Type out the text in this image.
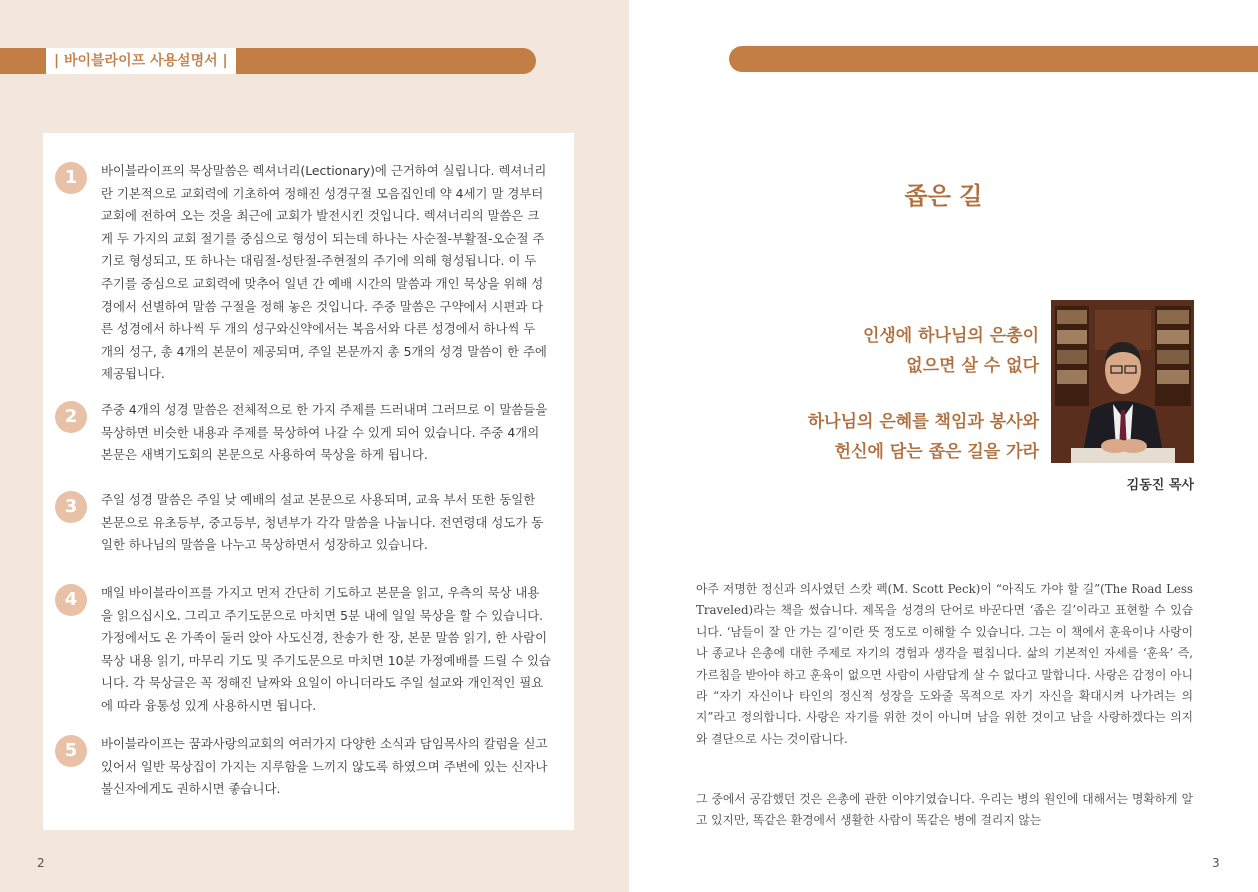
| 바이블라이프 사용설명서 |
1	바이블라이프의 묵상말씀은 렉셔너리(Lectionary)에 근거하여 실립니다. 렉셔너리란 기본적으로 교회력에 기초하여 정해진 성경구절 모음집인데 약 4세기 말 경부터 교회에 전하여 오는 것을 최근에 교회가 발전시킨 것입니다. 렉셔너리의 말씀은 크게 두 가지의 교회 절기를 중심으로 형성이 되는데 하나는 사순절-부활절-오순절 주기로 형성되고, 또 하나는 대림절-성탄절-주현절의 주기에 의해 형성됩니다. 이 두 주기를 중심으로 교회력에 맞추어 일년 간 예배 시간의 말씀과 개인 묵상을 위해 성경에서 선별하여 말씀 구절을 정해 놓은 것입니다. 주중 말씀은 구약에서 시편과 다른 성경에서 하나씩 두 개의 성구와신약에서는 복음서와 다른 성경에서 하나씩 두 개의 성구, 총 4개의 본문이 제공되며, 주일 본문까지 총 5개의 성경 말씀이 한 주에 제공됩니다.
2	주중 4개의 성경 말씀은 전체적으로 한 가지 주제를 드러내며 그러므로 이 말씀들을 묵상하면 비슷한 내용과 주제를 묵상하여 나갈 수 있게 되어 있습니다. 주중 4개의 본문은 새벽기도회의 본문으로 사용하여 묵상을 하게 됩니다.
3	주일 성경 말씀은 주일 낮 예배의 설교 본문으로 사용되며, 교육 부서 또한 동일한 본문으로 유초등부, 중고등부, 청년부가 각각 말씀을 나눕니다. 전연령대 성도가 동일한 하나님의 말씀을 나누고 묵상하면서 성장하고 있습니다.
4	매일 바이블라이프를 가지고 먼저 간단히 기도하고 본문을 읽고, 우측의 묵상 내용을 읽으십시오. 그리고 주기도문으로 마치면 5분 내에 일일 묵상을 할 수 있습니다. 가정에서도 온 가족이 둘러 앉아 사도신경, 찬송가 한 장, 본문 말씀 읽기, 한 사람이 묵상 내용 읽기, 마무리 기도 및 주기도문으로 마치면 10분 가정예배를 드릴 수 있습니다. 각 묵상글은 꼭 정해진 날짜와 요일이 아니더라도 주일 설교와 개인적인 필요에 따라 융통성 있게 사용하시면 됩니다.
5	바이블라이프는 꿈과사랑의교회의 여러가지 다양한 소식과 담임목사의 칼럼을 싣고 있어서 일반 묵상집이 가지는 지루함을 느끼지 않도록 하였으며 주변에 있는 신자나 불신자에게도 권하시면 좋습니다.
2
좁은 길
인생에 하나님의 은총이
없으면 살 수 없다
하나님의 은혜를 책임과 봉사와
헌신에 담는 좁은 길을 가라
김동진 목사
아주 저명한 정신과 의사였던 스캇 펙(M. Scott Peck)이 “아직도 가야 할 길”(The Road Less Traveled)라는 책을 썼습니다. 제목을 성경의 단어로 바꾼다면 ‘좁은 길’이라고 표현할 수 있습니다. ‘남들이 잘 안 가는 길’이란 뜻 정도로 이해할 수 있습니다. 그는 이 책에서 훈육이나 사랑이나 종교나 은총에 대한 주제로 자기의 경험과 생각을 펼칩니다. 삶의 기본적인 자세를 ‘훈육’ 즉, 가르침을 받아야 하고 훈육이 없으면 사람이 사람답게 살 수 없다고 말합니다. 사랑은 감정이 아니라 “자기 자신이나 타인의 정신적 성장을 도와줄 목적으로 자기 자신을 확대시켜 나가려는 의지”라고 정의합니다. 사랑은 자기를 위한 것이 아니며 남을 위한 것이고 남을 사랑하겠다는 의지와 결단으로 사는 것이랍니다.
그 중에서 공감했던 것은 은총에 관한 이야기였습니다. 우리는 병의 원인에 대해서는 명확하게 알고 있지만, 똑같은 환경에서 생활한 사람이 똑같은 병에 걸리지 않는
3
